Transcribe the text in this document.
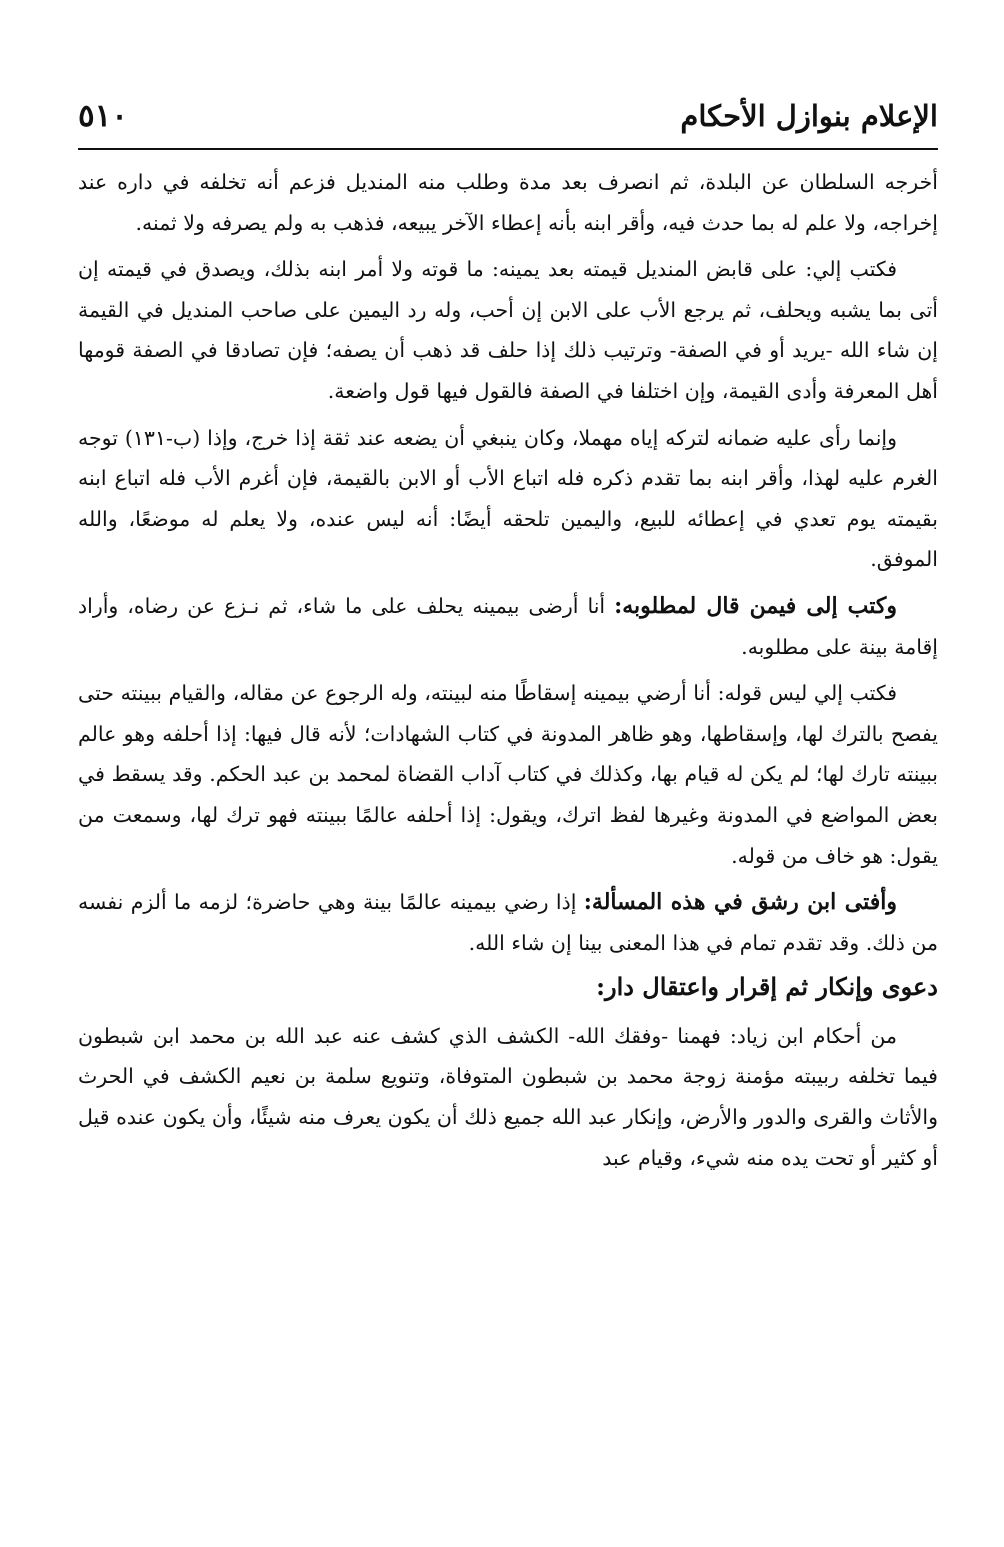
الإعلام بنوازل الأحكام
٥١٠

أخرجه السلطان عن البلدة، ثم انصرف بعد مدة وطلب منه المنديل فزعم أنه تخلفه في داره عند إخراجه، ولا علم له بما حدث فيه، وأقر ابنه بأنه إعطاء الآخر يبيعه، فذهب به ولم يصرفه ولا ثمنه.

فكتب إلي: على قابض المنديل قيمته بعد يمينه: ما قوته ولا أمر ابنه بذلك، ويصدق في قيمته إن أتى بما يشبه ويحلف، ثم يرجع الأب على الابن إن أحب، وله رد اليمين على صاحب المنديل في القيمة إن شاء الله -يريد أو في الصفة- وترتيب ذلك إذا حلف قد ذهب أن يصفه؛ فإن تصادقا في الصفة قومها أهل المعرفة وأدى القيمة، وإن اختلفا في الصفة فالقول فيها قول واضعة.

وإنما رأى عليه ضمانه لتركه إياه مهملا، وكان ينبغي أن يضعه عند ثقة إذا خرج، وإذا (ب-١٣١) توجه الغرم عليه لهذا، وأقر ابنه بما تقدم ذكره فله اتباع الأب أو الابن بالقيمة، فإن أغرم الأب فله اتباع ابنه بقيمته يوم تعدي في إعطائه للبيع، واليمين تلحقه أيضًا: أنه ليس عنده، ولا يعلم له موضعًا، والله الموفق.

وكتب إلى فيمن قال لمطلوبه: أنا أرضى بيمينه يحلف على ما شاء، ثم نـزع عن رضاه، وأراد إقامة بينة على مطلوبه.

فكتب إلي ليس قوله: أنا أرضي بيمينه إسقاطًا منه لبينته، وله الرجوع عن مقاله، والقيام ببينته حتى يفصح بالترك لها، وإسقاطها، وهو ظاهر المدونة في كتاب الشهادات؛ لأنه قال فيها: إذا أحلفه وهو عالم ببينته تارك لها؛ لم يكن له قيام بها، وكذلك في كتاب آداب القضاة لمحمد بن عبد الحكم. وقد يسقط في بعض المواضع في المدونة وغيرها لفظ اترك، ويقول: إذا أحلفه عالمًا ببينته فهو ترك لها، وسمعت من يقول: هو خاف من قوله.

وأفتى ابن رشق في هذه المسألة: إذا رضي بيمينه عالمًا بينة وهي حاضرة؛ لزمه ما ألزم نفسه من ذلك. وقد تقدم تمام في هذا المعنى بينا إن شاء الله.

دعوى وإنكار ثم إقرار واعتقال دار:

من أحكام ابن زياد: فهمنا -وفقك الله- الكشف الذي كشف عنه عبد الله بن محمد ابن شبطون فيما تخلفه ربيبته مؤمنة زوجة محمد بن شبطون المتوفاة، وتنويع سلمة بن نعيم الكشف في الحرث والأثاث والقرى والدور والأرض، وإنكار عبد الله جميع ذلك أن يكون يعرف منه شيئًا، وأن يكون عنده قيل أو كثير أو تحت يده منه شيء، وقيام عبد
